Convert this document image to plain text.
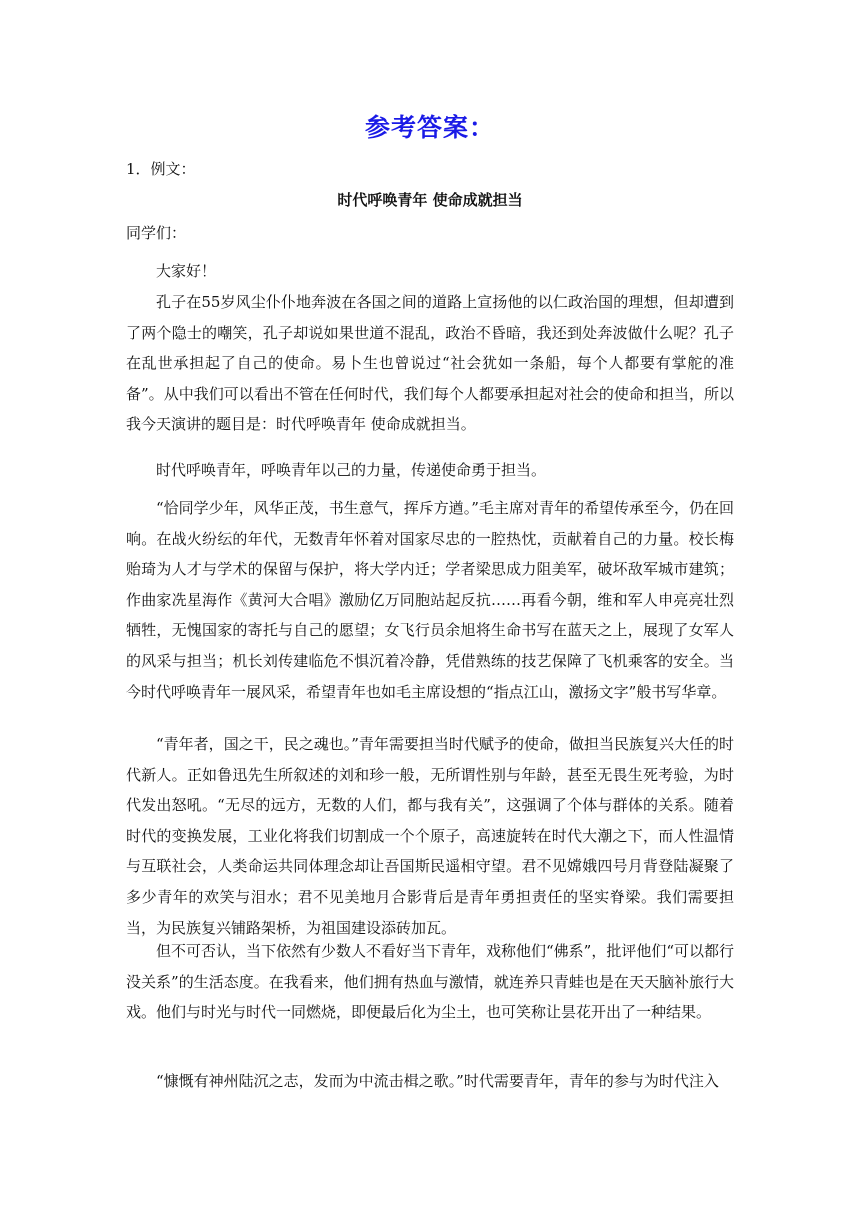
参考答案：
1．例文：
时代呼唤青年 使命成就担当
同学们：
大家好！
孔子在55岁风尘仆仆地奔波在各国之间的道路上宣扬他的以仁政治国的理想，但却遭到了两个隐士的嘲笑，孔子却说如果世道不混乱，政治不昏暗，我还到处奔波做什么呢？孔子在乱世承担起了自己的使命。易卜生也曾说过“社会犹如一条船，每个人都要有掌舵的准备”。从中我们可以看出不管在任何时代，我们每个人都要承担起对社会的使命和担当，所以我今天演讲的题目是：时代呼唤青年 使命成就担当。
时代呼唤青年，呼唤青年以己的力量，传递使命勇于担当。
“恰同学少年，风华正茂，书生意气，挥斥方遒。”毛主席对青年的希望传承至今，仍在回响。在战火纷纭的年代，无数青年怀着对国家尽忠的一腔热忱，贡献着自己的力量。校长梅贻琦为人才与学术的保留与保护，将大学内迁；学者梁思成力阻美军，破坏敌军城市建筑；作曲家冼星海作《黄河大合唱》激励亿万同胞站起反抗……再看今朝，维和军人申亮亮壮烈牺牲，无愧国家的寄托与自己的愿望；女飞行员余旭将生命书写在蓝天之上，展现了女军人的风采与担当；机长刘传建临危不惧沉着冷静，凭借熟练的技艺保障了飞机乘客的安全。当今时代呼唤青年一展风采，希望青年也如毛主席设想的“指点江山，激扬文字”般书写华章。
“青年者，国之干，民之魂也。”青年需要担当时代赋予的使命，做担当民族复兴大任的时代新人。正如鲁迅先生所叙述的刘和珍一般，无所谓性别与年龄，甚至无畏生死考验，为时代发出怒吼。“无尽的远方，无数的人们，都与我有关”，这强调了个体与群体的关系。随着时代的变换发展，工业化将我们切割成一个个原子，高速旋转在时代大潮之下，而人性温情与互联社会，人类命运共同体理念却让吾国斯民遥相守望。君不见嫦娥四号月背登陆凝聚了多少青年的欢笑与泪水；君不见美地月合影背后是青年勇担责任的坚实脊梁。我们需要担当，为民族复兴铺路架桥，为祖国建设添砖加瓦。
但不可否认，当下依然有少数人不看好当下青年，戏称他们“佛系”，批评他们“可以都行没关系”的生活态度。在我看来，他们拥有热血与激情，就连养只青蛙也是在天天脑补旅行大戏。他们与时光与时代一同燃烧，即便最后化为尘土，也可笑称让昙花开出了一种结果。
“慷慨有神州陆沉之志，发而为中流击楫之歌。”时代需要青年，青年的参与为时代注入
